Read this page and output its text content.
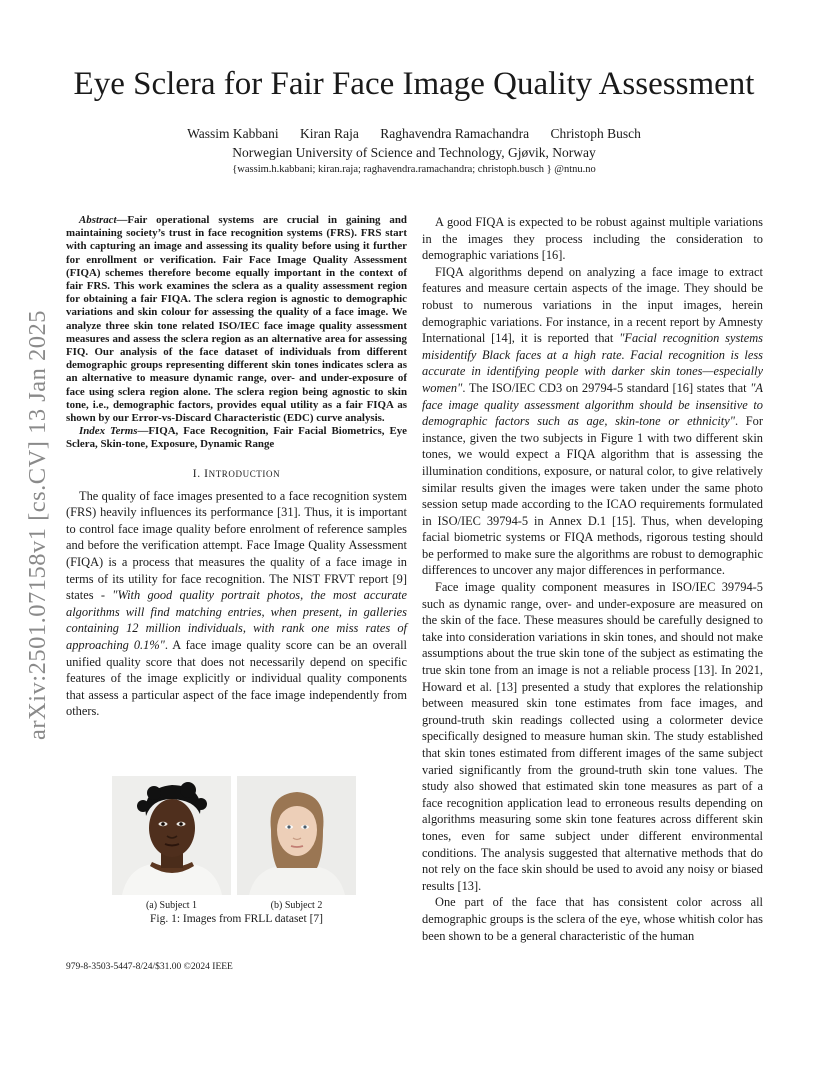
arXiv:2501.07158v1 [cs.CV] 13 Jan 2025
Eye Sclera for Fair Face Image Quality Assessment
Wassim Kabbani Kiran Raja Raghavendra Ramachandra Christoph Busch
Norwegian University of Science and Technology, Gjøvik, Norway
{wassim.h.kabbani; kiran.raja; raghavendra.ramachandra; christoph.busch } @ntnu.no

Abstract—Fair operational systems are crucial in gaining and maintaining society’s trust in face recognition systems (FRS). FRS start with capturing an image and assessing its quality before using it further for enrollment or verification. Fair Face Image Quality Assessment (FIQA) schemes therefore become equally important in the context of fair FRS. This work examines the sclera as a quality assessment region for obtaining a fair FIQA. The sclera region is agnostic to demographic variations and skin colour for assessing the quality of a face image. We analyze three skin tone related ISO/IEC face image quality assessment measures and assess the sclera region as an alternative area for assessing FIQ. Our analysis of the face dataset of individuals from different demographic groups representing different skin tones indicates sclera as an alternative to measure dynamic range, over- and under-exposure of face using sclera region alone. The sclera region being agnostic to skin tone, i.e., demographic factors, provides equal utility as a fair FIQA as shown by our Error-vs-Discard Characteristic (EDC) curve analysis.

Index Terms—FIQA, Face Recognition, Fair Facial Biometrics, Eye Sclera, Skin-tone, Exposure, Dynamic Range

I. INTRODUCTION

The quality of face images presented to a face recognition system (FRS) heavily influences its performance [31]. Thus, it is important to control face image quality before enrolment of reference samples and before the verification attempt. Face Image Quality Assessment (FIQA) is a process that measures the quality of a face image in terms of its utility for face recognition. The NIST FRVT report [9] states - "With good quality portrait photos, the most accurate algorithms will find matching entries, when present, in galleries containing 12 million individuals, with rank one miss rates of approaching 0.1%". A face image quality score can be an overall unified quality score that does not necessarily depend on specific features of the image explicitly or individual quality components that assess a particular aspect of the face image independently from others.

(a) Subject 1	(b) Subject 2
Fig. 1: Images from FRLL dataset [7]
979-8-3503-5447-8/24/$31.00 ©2024 IEEE

A good FIQA is expected to be robust against multiple variations in the images they process including the consideration to demographic variations [16].

FIQA algorithms depend on analyzing a face image to extract features and measure certain aspects of the image. They should be robust to numerous variations in the input images, herein demographic variations. For instance, in a recent report by Amnesty International [14], it is reported that "Facial recognition systems misidentify Black faces at a high rate. Facial recognition is less accurate in identifying people with darker skin tones—especially women". The ISO/IEC CD3 on 29794-5 standard [16] states that "A face image quality assessment algorithm should be insensitive to demographic factors such as age, skin-tone or ethnicity". For instance, given the two subjects in Figure 1 with two different skin tones, we would expect a FIQA algorithm that is assessing the illumination conditions, exposure, or natural color, to give relatively similar results given the images were taken under the same photo session setup made according to the ICAO requirements formulated in ISO/IEC 39794-5 in Annex D.1 [15]. Thus, when developing facial biometric systems or FIQA methods, rigorous testing should be performed to make sure the algorithms are robust to demographic differences to uncover any major differences in performance.

Face image quality component measures in ISO/IEC 39794-5 such as dynamic range, over- and under-exposure are measured on the skin of the face. These measures should be carefully designed to take into consideration variations in skin tones, and should not make assumptions about the true skin tone of the subject as estimating the true skin tone from an image is not a reliable process [13]. In 2021, Howard et al. [13] presented a study that explores the relationship between measured skin tone estimates from face images, and ground-truth skin readings collected using a colormeter device specifically designed to measure human skin. The study established that skin tones estimated from different images of the same subject varied significantly from the ground-truth skin tone values. The study also showed that estimated skin tone measures as part of a face recognition application lead to erroneous results depending on algorithms measuring some skin tone features across different skin tones, even for same subject under different environmental conditions. The analysis suggested that alternative methods that do not rely on the face skin should be used to avoid any noisy or biased results [13].

One part of the face that has consistent color across all demographic groups is the sclera of the eye, whose whitish color has been shown to be a general characteristic of the human
